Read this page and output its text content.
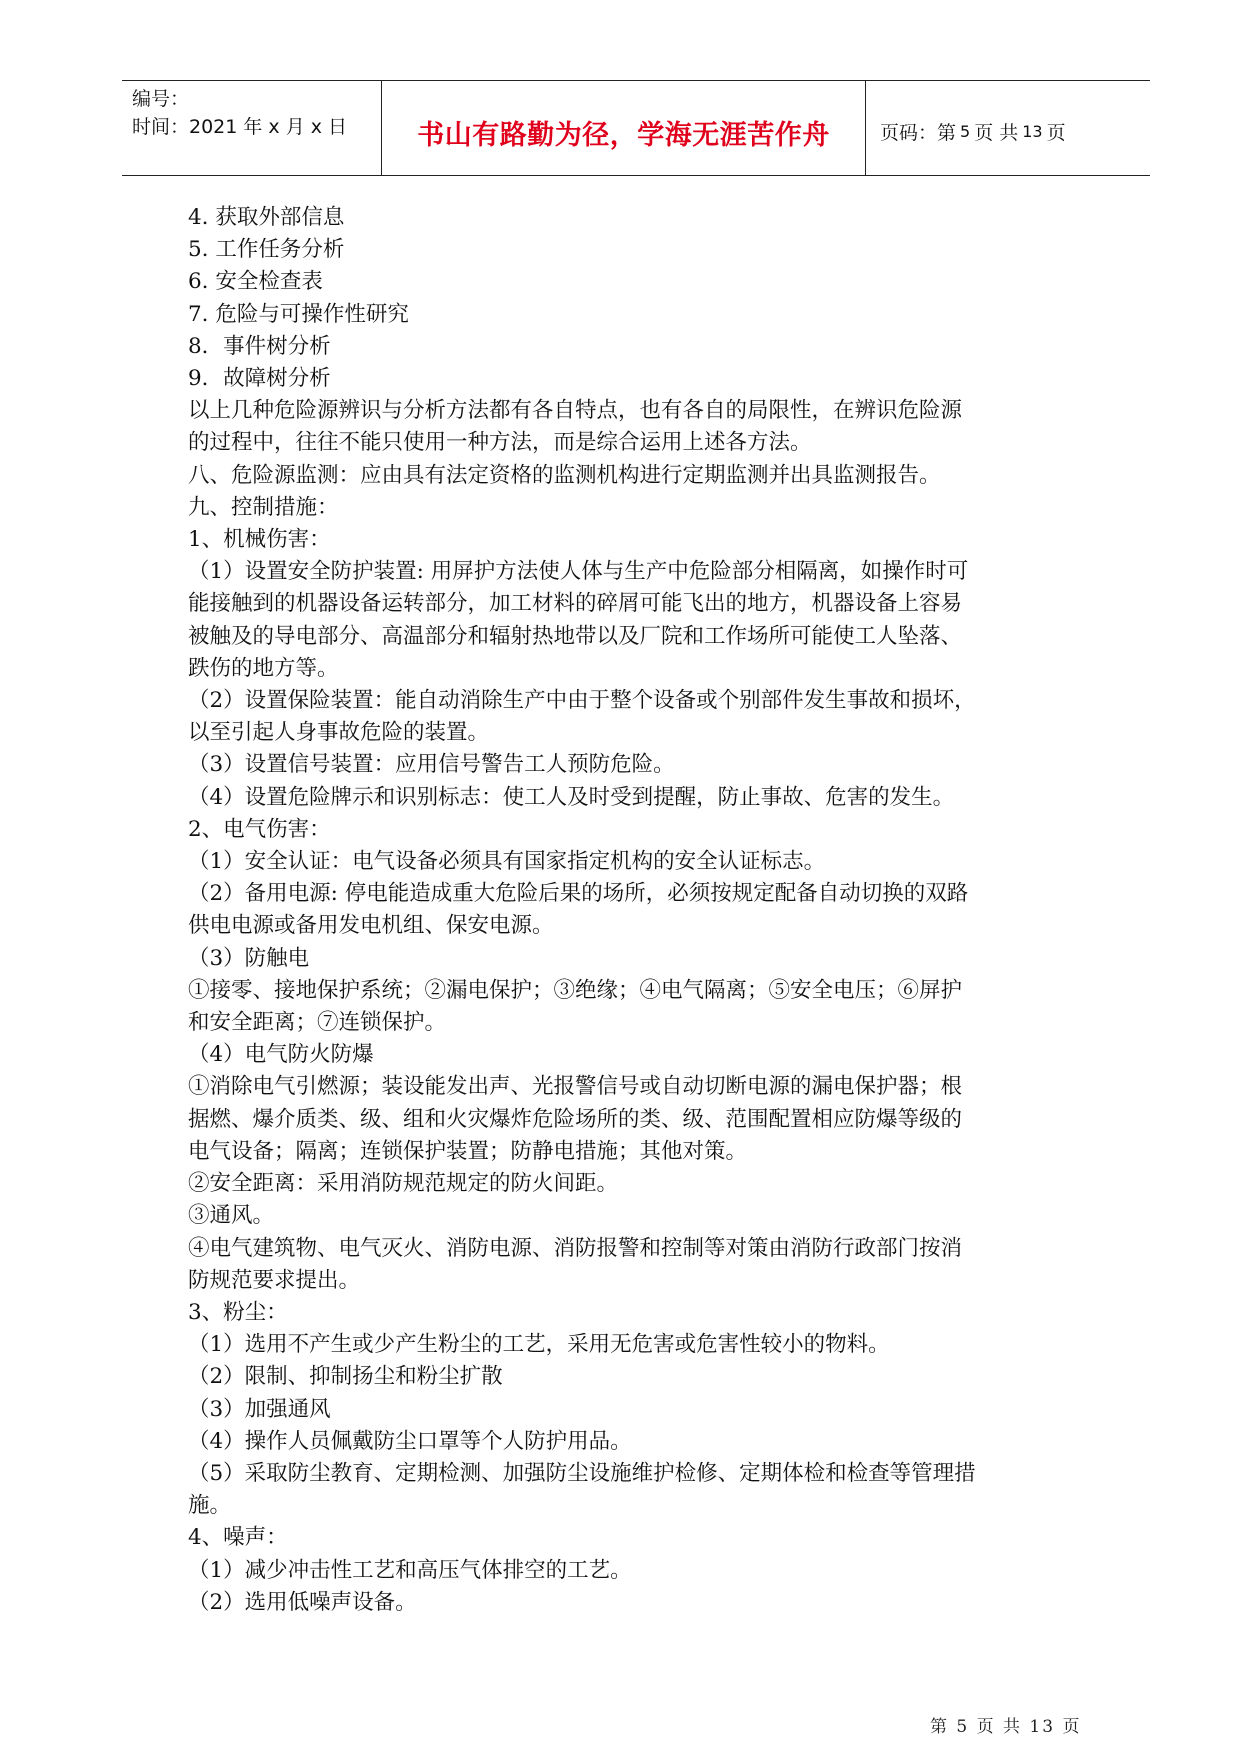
编号：
时间：2021 年 x 月 x 日	书山有路勤为径，学海无涯苦作舟	页码：第 5 页 共 13 页
4. 获取外部信息
5. 工作任务分析
6. 安全检查表
7. 危险与可操作性研究
8．事件树分析
9．故障树分析
以上几种危险源辨识与分析方法都有各自特点，也有各自的局限性，在辨识危险源
的过程中，往往不能只使用一种方法，而是综合运用上述各方法。
八、危险源监测：应由具有法定资格的监测机构进行定期监测并出具监测报告。
九、控制措施：
1、机械伤害：
（1）设置安全防护装置: 用屏护方法使人体与生产中危险部分相隔离，如操作时可
能接触到的机器设备运转部分，加工材料的碎屑可能飞出的地方，机器设备上容易
被触及的导电部分、高温部分和辐射热地带以及厂院和工作场所可能使工人坠落、
跌伤的地方等。
（2）设置保险装置：能自动消除生产中由于整个设备或个别部件发生事故和损坏，
以至引起人身事故危险的装置。
（3）设置信号装置：应用信号警告工人预防危险。
（4）设置危险牌示和识别标志：使工人及时受到提醒，防止事故、危害的发生。
2、电气伤害：
（1）安全认证：电气设备必须具有国家指定机构的安全认证标志。
（2）备用电源: 停电能造成重大危险后果的场所，必须按规定配备自动切换的双路
供电电源或备用发电机组、保安电源。
（3）防触电
①接零、接地保护系统；②漏电保护；③绝缘；④电气隔离；⑤安全电压；⑥屏护
和安全距离；⑦连锁保护。
（4）电气防火防爆
①消除电气引燃源；装设能发出声、光报警信号或自动切断电源的漏电保护器；根
据燃、爆介质类、级、组和火灾爆炸危险场所的类、级、范围配置相应防爆等级的
电气设备；隔离；连锁保护装置；防静电措施；其他对策。
②安全距离：采用消防规范规定的防火间距。
③通风。
④电气建筑物、电气灭火、消防电源、消防报警和控制等对策由消防行政部门按消
防规范要求提出。
3、粉尘：
（1）选用不产生或少产生粉尘的工艺，采用无危害或危害性较小的物料。
（2）限制、抑制扬尘和粉尘扩散
（3）加强通风
（4）操作人员佩戴防尘口罩等个人防护用品。
（5）采取防尘教育、定期检测、加强防尘设施维护检修、定期体检和检查等管理措
施。
4、噪声：
（1）减少冲击性工艺和高压气体排空的工艺。
（2）选用低噪声设备。
第 5 页 共 13 页
